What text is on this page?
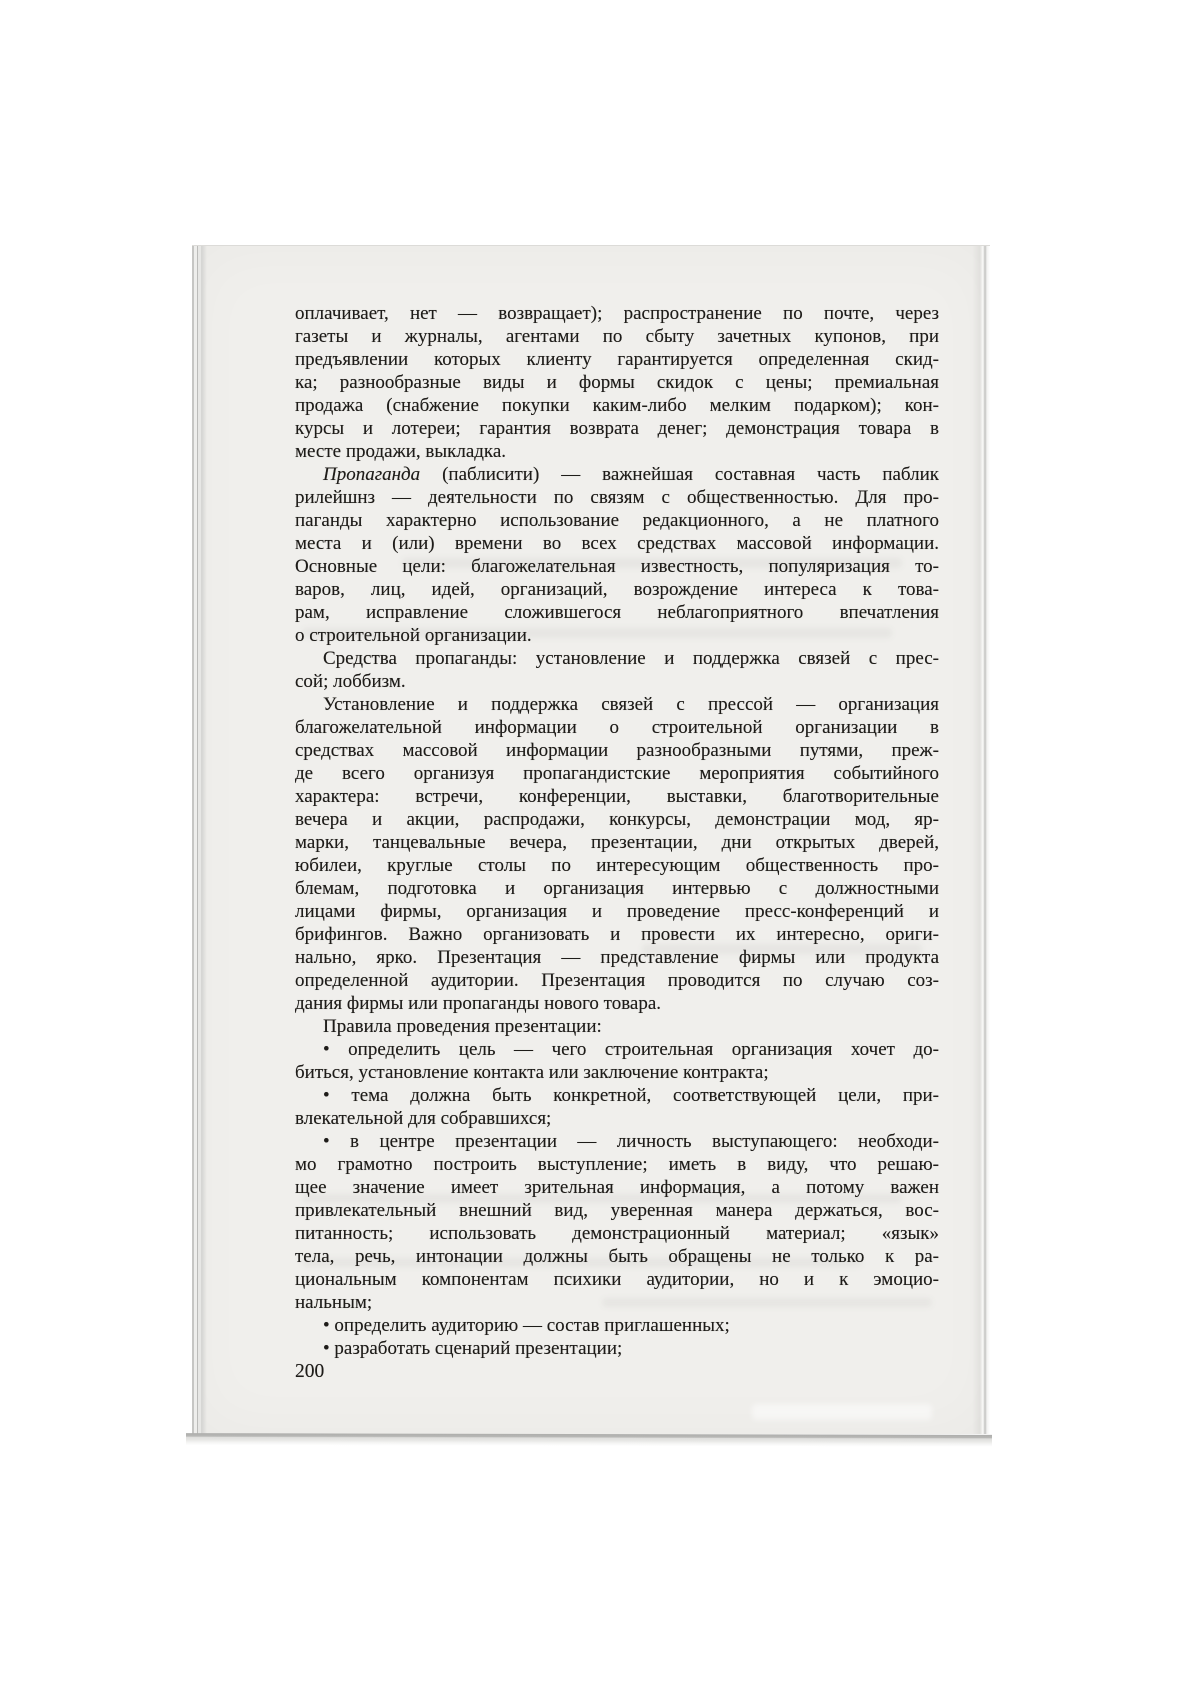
оплачивает, нет — возвращает); распространение по почте, через
газеты и журналы, агентами по сбыту зачетных купонов, при
предъявлении которых клиенту гарантируется определенная скид-
ка; разнообразные виды и формы скидок с цены; премиальная
продажа (снабжение покупки каким-либо мелким подарком); кон-
курсы и лотереи; гарантия возврата денег; демонстрация товара в
месте продажи, выкладка.
Пропаганда (паблисити) — важнейшая составная часть паблик
рилейшнз — деятельности по связям с общественностью. Для про-
паганды характерно использование редакционного, а не платного
места и (или) времени во всех средствах массовой информации.
Основные цели: благожелательная известность, популяризация то-
варов, лиц, идей, организаций, возрождение интереса к това-
рам, исправление сложившегося неблагоприятного впечатления
о строительной организации.
Средства пропаганды: установление и поддержка связей с прес-
сой; лоббизм.
Установление и поддержка связей с прессой — организация
благожелательной информации о строительной организации в
средствах массовой информации разнообразными путями, преж-
де всего организуя пропагандистские мероприятия событийного
характера: встречи, конференции, выставки, благотворительные
вечера и акции, распродажи, конкурсы, демонстрации мод, яр-
марки, танцевальные вечера, презентации, дни открытых дверей,
юбилеи, круглые столы по интересующим общественность про-
блемам, подготовка и организация интервью с должностными
лицами фирмы, организация и проведение пресс-конференций и
брифингов. Важно организовать и провести их интересно, ориги-
нально, ярко. Презентация — представление фирмы или продукта
определенной аудитории. Презентация проводится по случаю соз-
дания фирмы или пропаганды нового товара.
Правила проведения презентации:
• определить цель — чего строительная организация хочет до-
биться, установление контакта или заключение контракта;
• тема должна быть конкретной, соответствующей цели, при-
влекательной для собравшихся;
• в центре презентации — личность выступающего: необходи-
мо грамотно построить выступление; иметь в виду, что решаю-
щее значение имеет зрительная информация, а потому важен
привлекательный внешний вид, уверенная манера держаться, вос-
питанность; использовать демонстрационный материал; «язык»
тела, речь, интонации должны быть обращены не только к ра-
циональным компонентам психики аудитории, но и к эмоцио-
нальным;
• определить аудиторию — состав приглашенных;
• разработать сценарий презентации;
200
